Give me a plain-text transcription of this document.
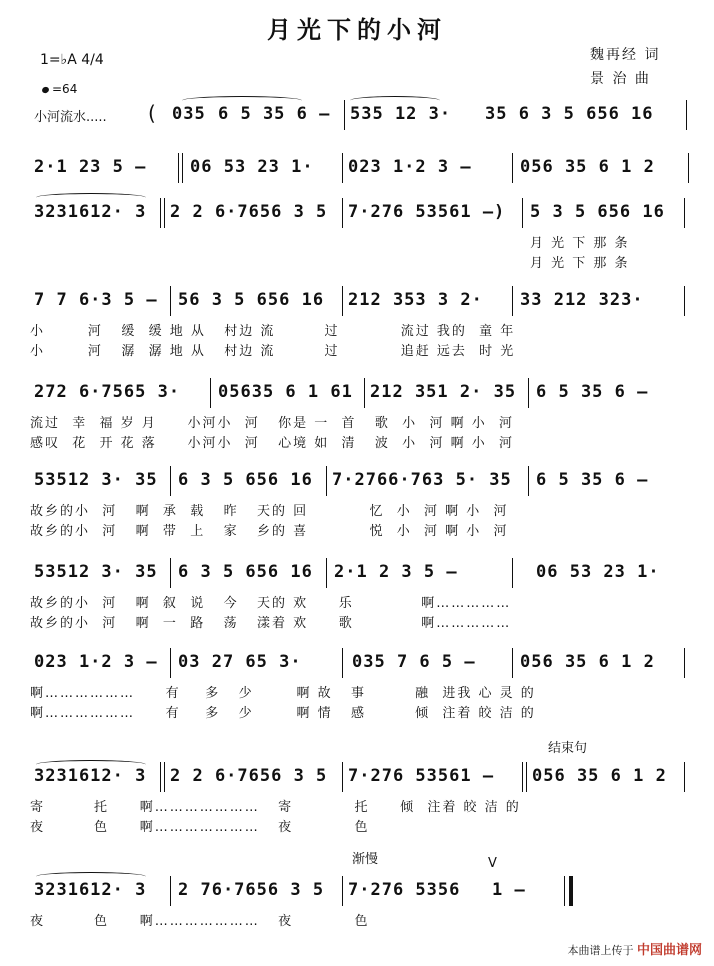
月光下的小河
魏再经 词
景 治 曲
1=♭A 4/4
=64
小河流水..... ( 035 6 5 35 6 – 535 12 3· 35 6 3 5 656 16
2·1 23 5 –	06 53 23 1· 023 1·2 3 –	056 35 6 1 2
3231612· 3 2 2 6·7656 3 5 7·276 53561 –) 5 3 5 656 16
月 光 下 那 条
月 光 下 那 条
7 7 6·3 5 – 56 3 5 656 16 212 353 3 2· 33 212 323·
小       河   缓  缓 地 从   村边 流        过          流过 我的  童 年
小       河   潺  潺 地 从   村边 流        过          追赶 远去  时 光
272 6·7565 3· 05635 6 1 61 212 351 2· 35 6 5 35 6 –
流过  幸  福 岁 月     小河小  河   你是 一  首   歌  小  河 啊 小  河
感叹  花  开 花 落     小河小  河   心境 如  清   波  小  河 啊 小  河
53512 3· 35 6 3 5 656 16 7·2766·763 5· 35 6 5 35 6 –
故乡的小  河   啊  承  载   昨   天的 回          忆  小  河 啊 小  河
故乡的小  河   啊  带  上   家   乡的 喜          悦  小  河 啊 小  河
53512 3· 35 6 3 5 656 16 2·1 2 3 5 –	06 53 23 1·
故乡的小  河   啊  叙  说   今   天的 欢     乐           啊……………
故乡的小  河   啊  一  路   荡   漾着 欢     歌           啊……………
023 1·2 3 – 03 27 65 3·	035 7 6 5 –	056 35 6 1 2
啊………………     有    多   少       啊 故   事        融  进我 心 灵 的
啊………………     有    多   少       啊 情   感        倾  注着 皎 洁 的
结束句
3231612· 3 2 2 6·7656 3 5 7·276 53561 – 056 35 6 1 2
寄        托     啊…………………   寄          托     倾  注着 皎 洁 的
夜        色     啊…………………   夜          色
渐慢	V
3231612· 3 2 76·7656 3 5 7·276 5356 1 –
夜        色     啊…………………   夜          色
本曲谱上传于 中国曲谱网
